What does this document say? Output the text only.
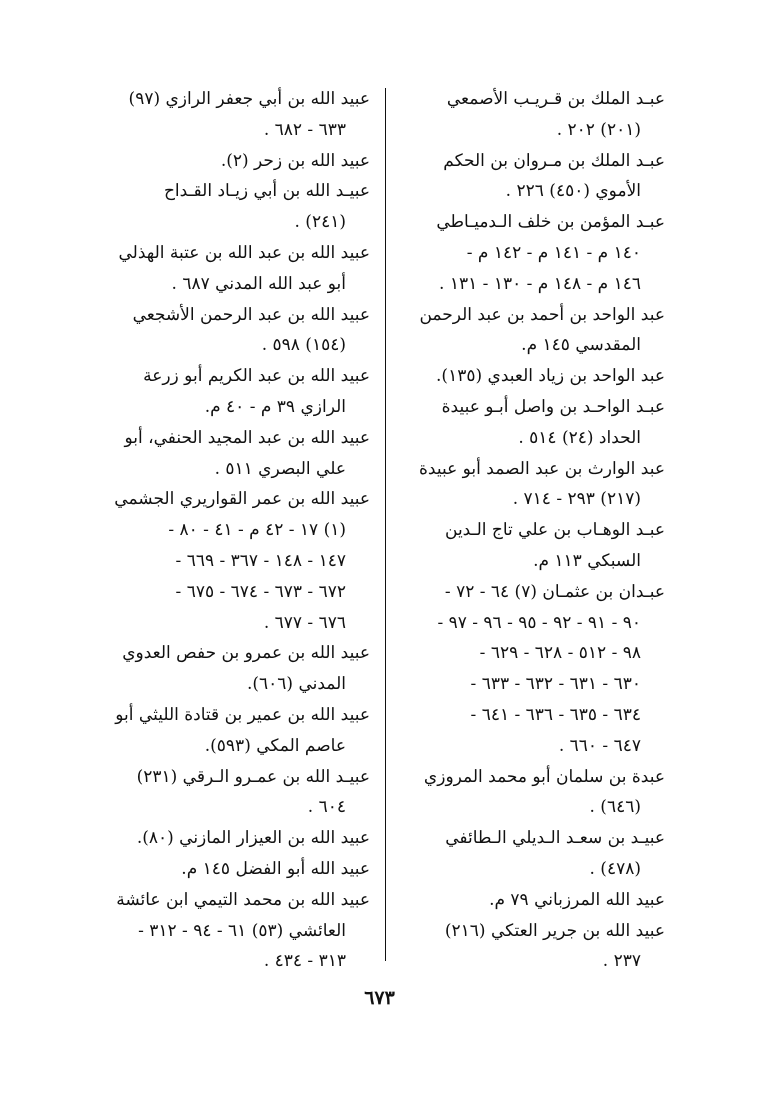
عبـد الملك بن قـريـب الأصمعي
(٢٠١) ٢٠٢ .

عبـد الملك بن مـروان بن الحكم
الأموي (٤٥٠) ٢٢٦ .

عبـد المؤمن بن خلف الـدميـاطي
١٤٠ م - ١٤١ م - ١٤٢ م -
١٤٦ م - ١٤٨ م - ١٣٠ - ١٣١ .

عبد الواحد بن أحمد بن عبد الرحمن
المقدسي ١٤٥ م.

عبد الواحد بن زياد العبدي (١٣٥).

عبـد الواحـد بن واصل أبـو عبيدة
الحداد (٢٤) ٥١٤ .

عبد الوارث بن عبد الصمد أبو عبيدة
(٢١٧) ٢٩٣ - ٧١٤ .

عبـد الوهـاب بن علي تاج الـدين
السبكي ١١٣ م.

عبـدان بن عثمـان (٧) ٦٤ - ٧٢ -
٩٠ - ٩١ - ٩٢ - ٩٥ - ٩٦ - ٩٧ -
٩٨ - ٥١٢ - ٦٢٨ - ٦٢٩ -
٦٣٠ - ٦٣١ - ٦٣٢ - ٦٣٣ -
٦٣٤ - ٦٣٥ - ٦٣٦ - ٦٤١ -
٦٤٧ - ٦٦٠ .

عبدة بن سلمان أبو محمد المروزي
(٦٤٦) .

عبيـد بن سعـد الـديلي الـطائفي
(٤٧٨) .

عبيد الله المرزباني ٧٩ م.

عبيد الله بن جرير العتكي (٢١٦)
٢٣٧ .

عبيد الله بن أبي جعفر الرازي (٩٧)
٦٣٣ - ٦٨٢ .

عبيد الله بن زحر (٢).

عبيـد الله بن أبي زيـاد القـداح
(٢٤١) .

عبيد الله بن عبد الله بن عتبة الهذلي
أبو عبد الله المدني ٦٨٧ .

عبيد الله بن عبد الرحمن الأشجعي
(١٥٤) ٥٩٨ .

عبيد الله بن عبد الكريم أبو زرعة
الرازي ٣٩ م - ٤٠ م.

عبيد الله بن عبد المجيد الحنفي، أبو
علي البصري ٥١١ .

عبيد الله بن عمر القواريري الجشمي
(١) ١٧ - ٤٢ م - ٤١ - ٨٠ -
١٤٧ - ١٤٨ - ٣٦٧ - ٦٦٩ -
٦٧٢ - ٦٧٣ - ٦٧٤ - ٦٧٥ -
٦٧٦ - ٦٧٧ .

عبيد الله بن عمرو بن حفص العدوي
المدني (٦٠٦).

عبيد الله بن عمير بن قتادة الليثي أبو
عاصم المكي (٥٩٣).

عبيـد الله بن عمـرو الـرقي (٢٣١)
٦٠٤ .

عبيد الله بن العيزار المازني (٨٠).

عبيد الله أبو الفضل ١٤٥ م.

عبيد الله بن محمد التيمي ابن عائشة
العائشي (٥٣) ٦١ - ٩٤ - ٣١٢ -
٣١٣ - ٤٣٤ .

٦٧٣
